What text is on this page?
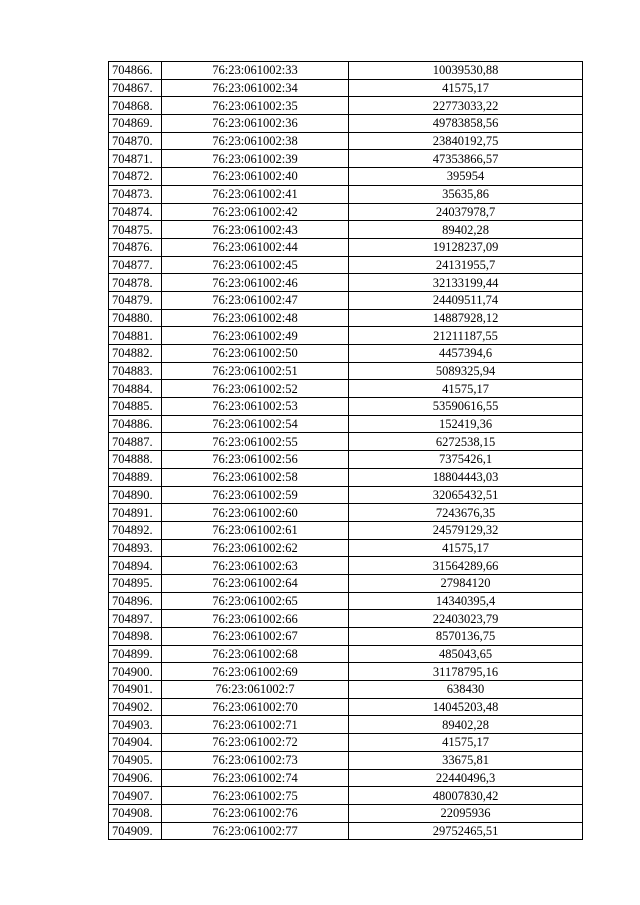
704866.	76:23:061002:33	10039530,88
704867.	76:23:061002:34	41575,17
704868.	76:23:061002:35	22773033,22
704869.	76:23:061002:36	49783858,56
704870.	76:23:061002:38	23840192,75
704871.	76:23:061002:39	47353866,57
704872.	76:23:061002:40	395954
704873.	76:23:061002:41	35635,86
704874.	76:23:061002:42	24037978,7
704875.	76:23:061002:43	89402,28
704876.	76:23:061002:44	19128237,09
704877.	76:23:061002:45	24131955,7
704878.	76:23:061002:46	32133199,44
704879.	76:23:061002:47	24409511,74
704880.	76:23:061002:48	14887928,12
704881.	76:23:061002:49	21211187,55
704882.	76:23:061002:50	4457394,6
704883.	76:23:061002:51	5089325,94
704884.	76:23:061002:52	41575,17
704885.	76:23:061002:53	53590616,55
704886.	76:23:061002:54	152419,36
704887.	76:23:061002:55	6272538,15
704888.	76:23:061002:56	7375426,1
704889.	76:23:061002:58	18804443,03
704890.	76:23:061002:59	32065432,51
704891.	76:23:061002:60	7243676,35
704892.	76:23:061002:61	24579129,32
704893.	76:23:061002:62	41575,17
704894.	76:23:061002:63	31564289,66
704895.	76:23:061002:64	27984120
704896.	76:23:061002:65	14340395,4
704897.	76:23:061002:66	22403023,79
704898.	76:23:061002:67	8570136,75
704899.	76:23:061002:68	485043,65
704900.	76:23:061002:69	31178795,16
704901.	76:23:061002:7	638430
704902.	76:23:061002:70	14045203,48
704903.	76:23:061002:71	89402,28
704904.	76:23:061002:72	41575,17
704905.	76:23:061002:73	33675,81
704906.	76:23:061002:74	22440496,3
704907.	76:23:061002:75	48007830,42
704908.	76:23:061002:76	22095936
704909.	76:23:061002:77	29752465,51
